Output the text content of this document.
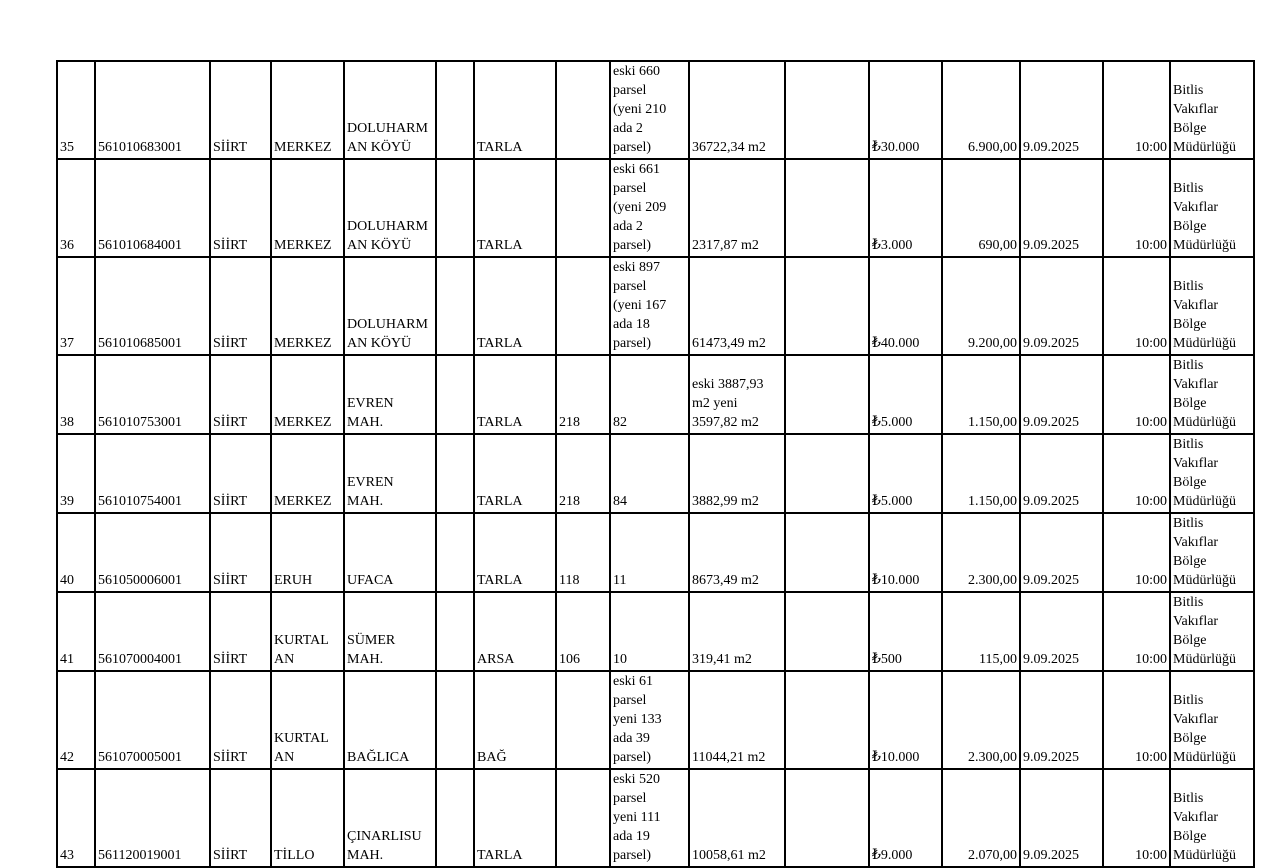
35	561010683001	SİİRT	MERKEZ	DOLUHARM
AN KÖYÜ		TARLA		eski 660
parsel
(yeni 210
ada 2
parsel)	36722,34 m2		₺30.000	6.900,00	9.09.2025	10:00	Bitlis
Vakıflar
Bölge
Müdürlüğü
36	561010684001	SİİRT	MERKEZ	DOLUHARM
AN KÖYÜ		TARLA		eski 661
parsel
(yeni 209
ada 2
parsel)	2317,87 m2		₺3.000	690,00	9.09.2025	10:00	Bitlis
Vakıflar
Bölge
Müdürlüğü
37	561010685001	SİİRT	MERKEZ	DOLUHARM
AN KÖYÜ		TARLA		eski 897
parsel
(yeni 167
ada 18
parsel)	61473,49 m2		₺40.000	9.200,00	9.09.2025	10:00	Bitlis
Vakıflar
Bölge
Müdürlüğü
38	561010753001	SİİRT	MERKEZ	EVREN
MAH.		TARLA	218	82	eski 3887,93
m2 yeni
3597,82 m2		₺5.000	1.150,00	9.09.2025	10:00	Bitlis
Vakıflar
Bölge
Müdürlüğü
39	561010754001	SİİRT	MERKEZ	EVREN
MAH.		TARLA	218	84	3882,99 m2		₺5.000	1.150,00	9.09.2025	10:00	Bitlis
Vakıflar
Bölge
Müdürlüğü
40	561050006001	SİİRT	ERUH	UFACA		TARLA	118	11	8673,49 m2		₺10.000	2.300,00	9.09.2025	10:00	Bitlis
Vakıflar
Bölge
Müdürlüğü
41	561070004001	SİİRT	KURTAL
AN	SÜMER
MAH.		ARSA	106	10	319,41 m2		₺500	115,00	9.09.2025	10:00	Bitlis
Vakıflar
Bölge
Müdürlüğü
42	561070005001	SİİRT	KURTAL
AN	BAĞLICA		BAĞ		eski 61
parsel
yeni 133
ada 39
parsel)	11044,21 m2		₺10.000	2.300,00	9.09.2025	10:00	Bitlis
Vakıflar
Bölge
Müdürlüğü
43	561120019001	SİİRT	TİLLO	ÇINARLISU
MAH.		TARLA		eski 520
parsel
yeni 111
ada 19
parsel)	10058,61 m2		₺9.000	2.070,00	9.09.2025	10:00	Bitlis
Vakıflar
Bölge
Müdürlüğü
